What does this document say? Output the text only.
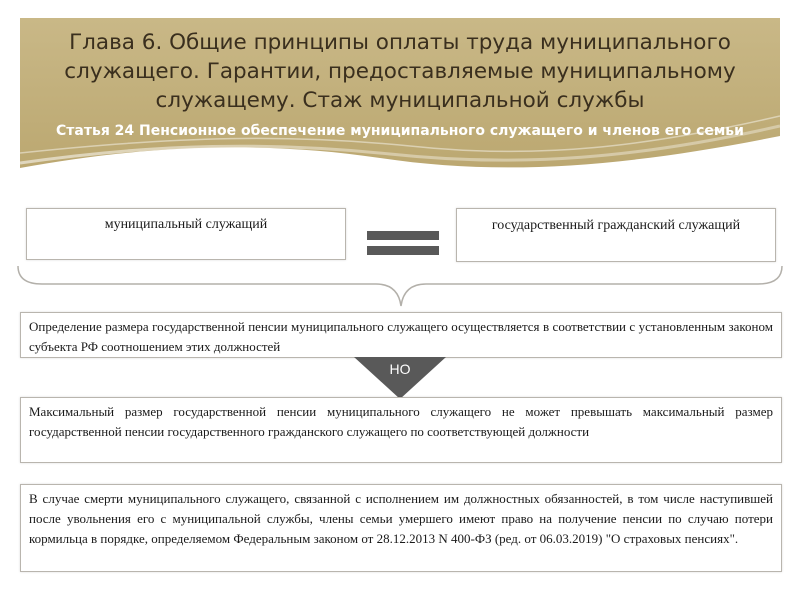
Глава 6. Общие принципы оплаты труда муниципального служащего. Гарантии, предоставляемые муниципальному служащему. Стаж муниципальной службы
Статья 24 Пенсионное обеспечение муниципального служащего и членов его семьи
муниципальный служащий	государственный гражданский служащий
Определение размера государственной пенсии муниципального служащего осуществляется в соответствии с установленным законом субъекта РФ соотношением этих должностей
НО
Максимальный размер государственной пенсии муниципального служащего не может превышать максимальный размер государственной пенсии государственного гражданского служащего по соответствующей должности
В случае смерти муниципального служащего, связанной с исполнением им должностных обязанностей, в том числе наступившей после увольнения его с муниципальной службы, члены семьи умершего имеют право на получение пенсии по случаю потери кормильца в порядке, определяемом Федеральным законом от 28.12.2013 N 400-ФЗ (ред. от 06.03.2019) "О страховых пенсиях".
